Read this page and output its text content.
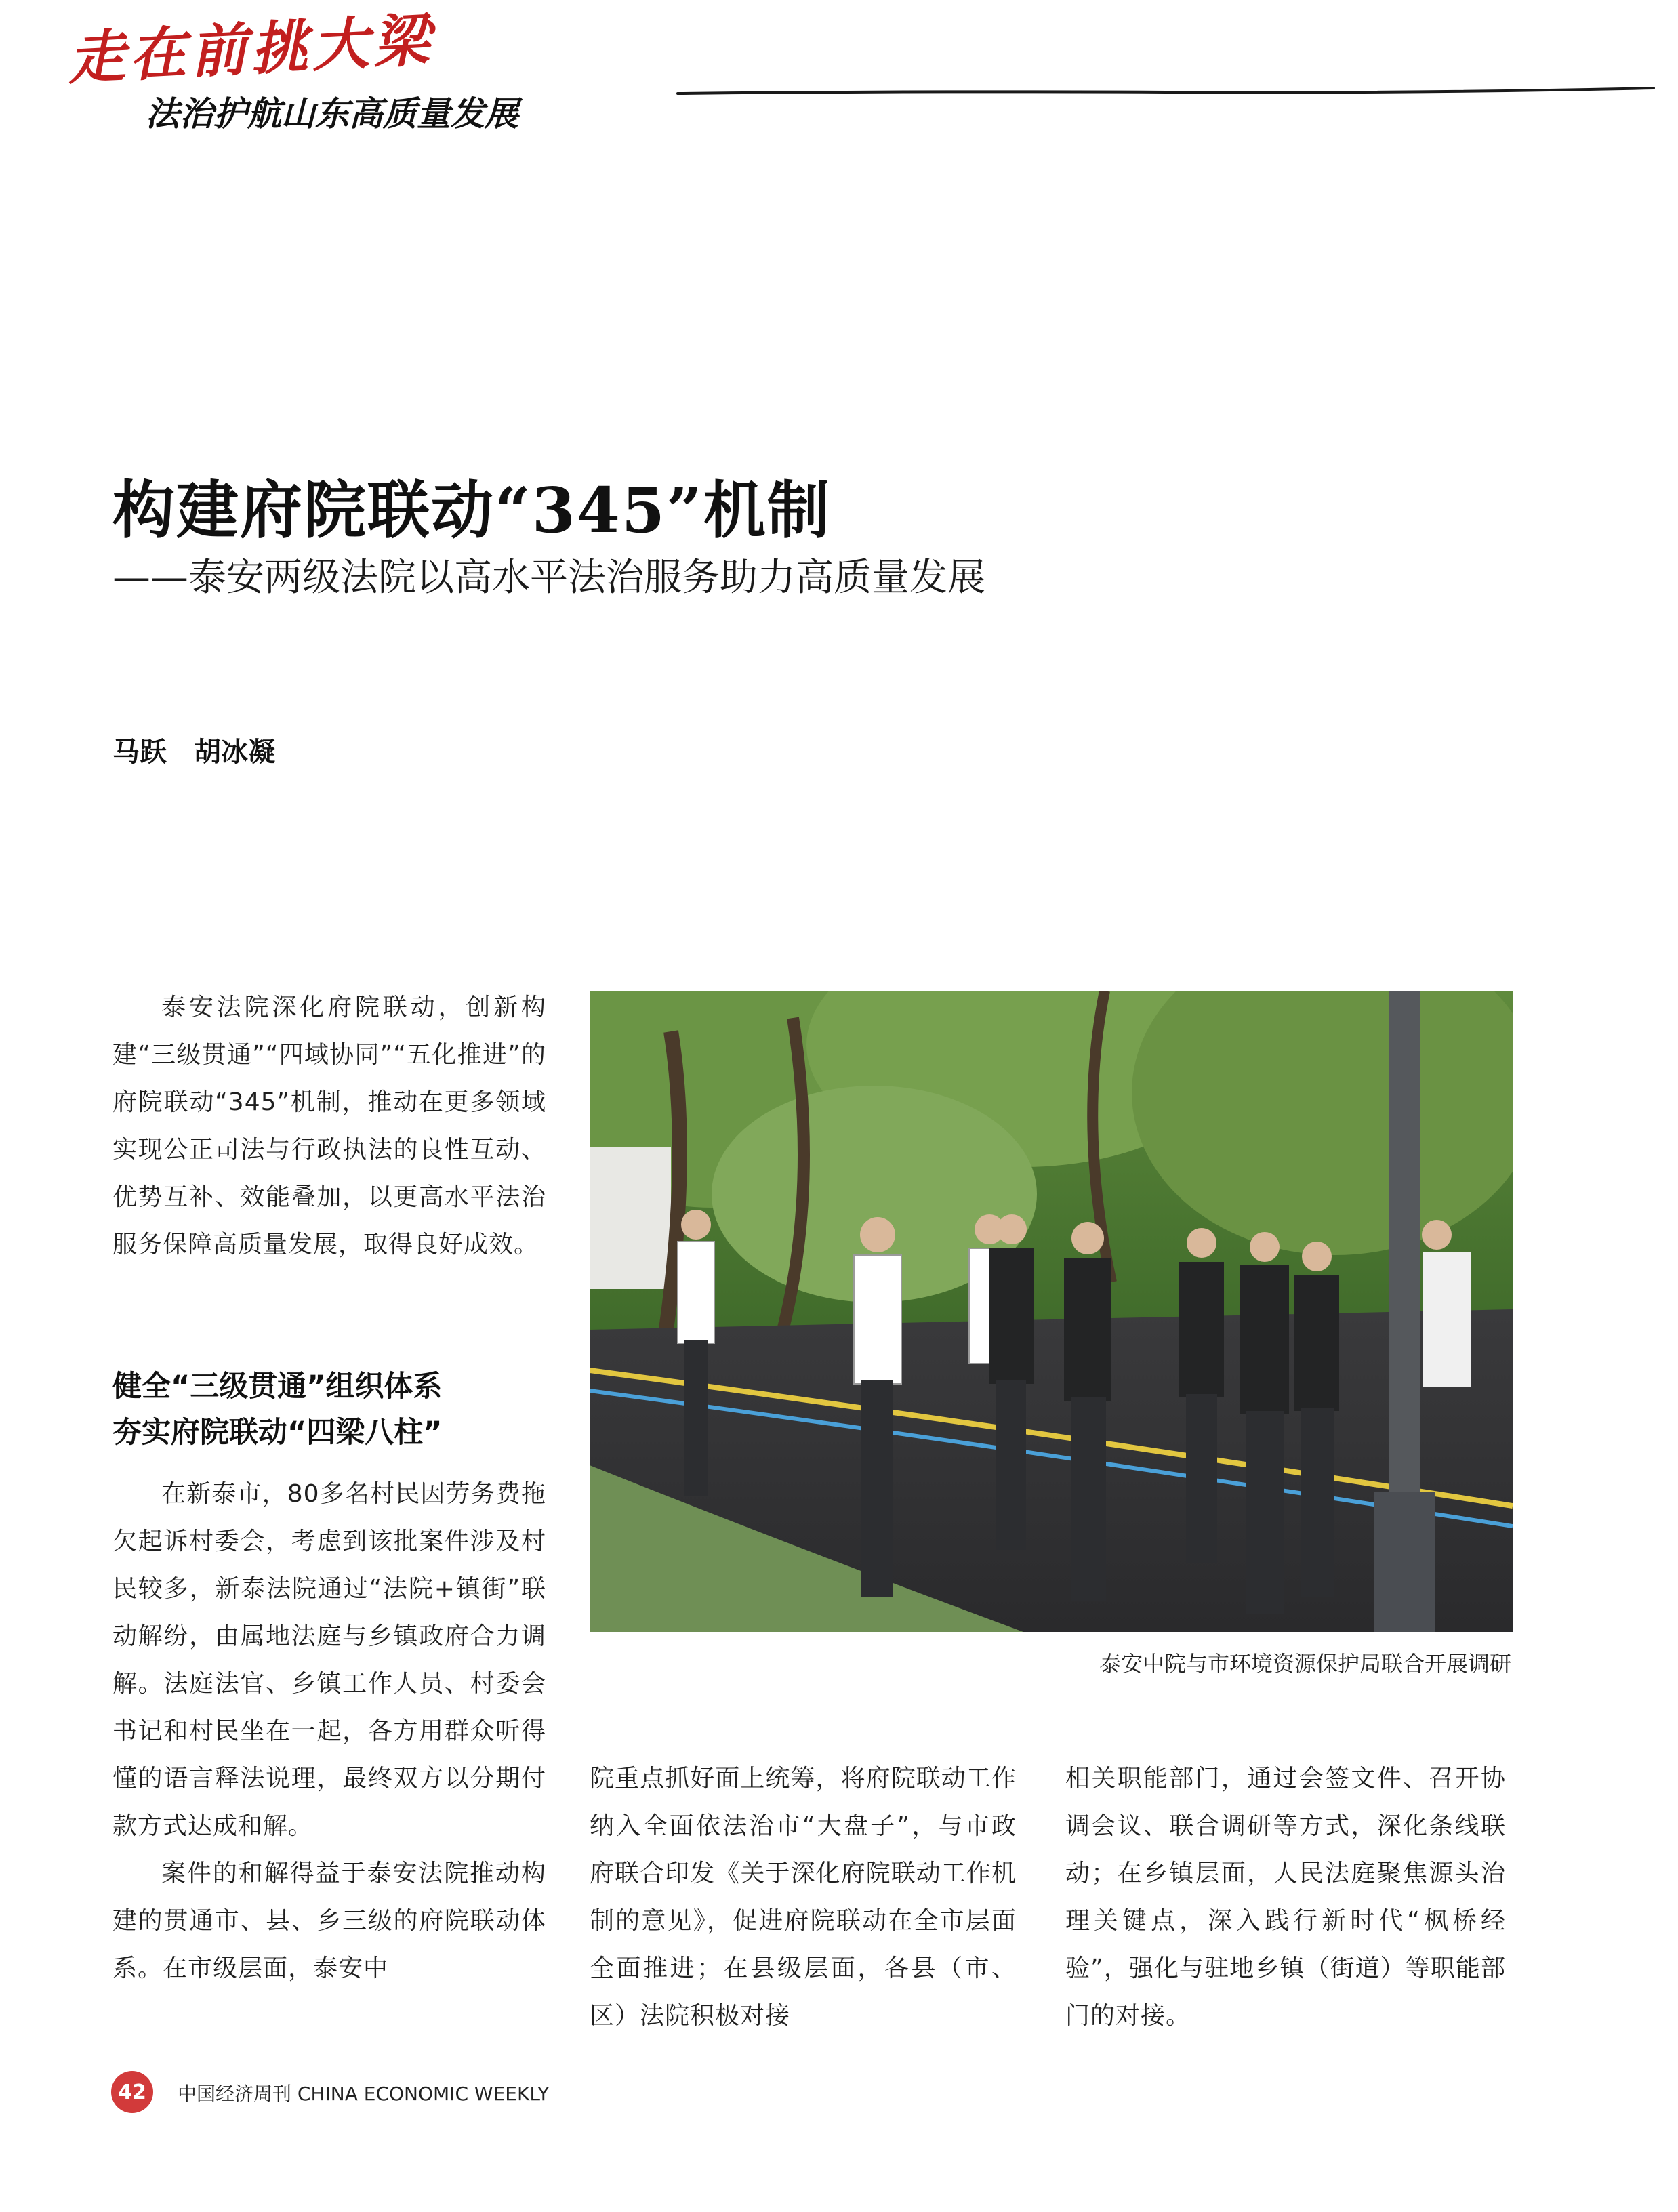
走在前挑大梁
法治护航山东高质量发展
构建府院联动“345”机制
——泰安两级法院以高水平法治服务助力高质量发展
马跃　胡冰凝

泰安法院深化府院联动，创新构建“三级贯通”“四域协同”“五化推进”的府院联动“345”机制，推动在更多领域实现公正司法与行政执法的良性互动、优势互补、效能叠加，以更高水平法治服务保障高质量发展，取得良好成效。

健全“三级贯通”组织体系
夯实府院联动“四梁八柱”

在新泰市，80多名村民因劳务费拖欠起诉村委会，考虑到该批案件涉及村民较多，新泰法院通过“法院+镇街”联动解纷，由属地法庭与乡镇政府合力调解。法庭法官、乡镇工作人员、村委会书记和村民坐在一起，各方用群众听得懂的语言释法说理，最终双方以分期付款方式达成和解。

案件的和解得益于泰安法院推动构建的贯通市、县、乡三级的府院联动体系。在市级层面，泰安中

泰安中院与市环境资源保护局联合开展调研
院重点抓好面上统筹，将府院联动工作纳入全面依法治市“大盘子”，与市政府联合印发《关于深化府院联动工作机制的意见》，促进府院联动在全市层面全面推进；在县级层面，各县（市、区）法院积极对接
相关职能部门，通过会签文件、召开协调会议、联合调研等方式，深化条线联动；在乡镇层面，人民法庭聚焦源头治理关键点，深入践行新时代“枫桥经验”，强化与驻地乡镇（街道）等职能部门的对接。
42	中国经济周刊 CHINA ECONOMIC WEEKLY
